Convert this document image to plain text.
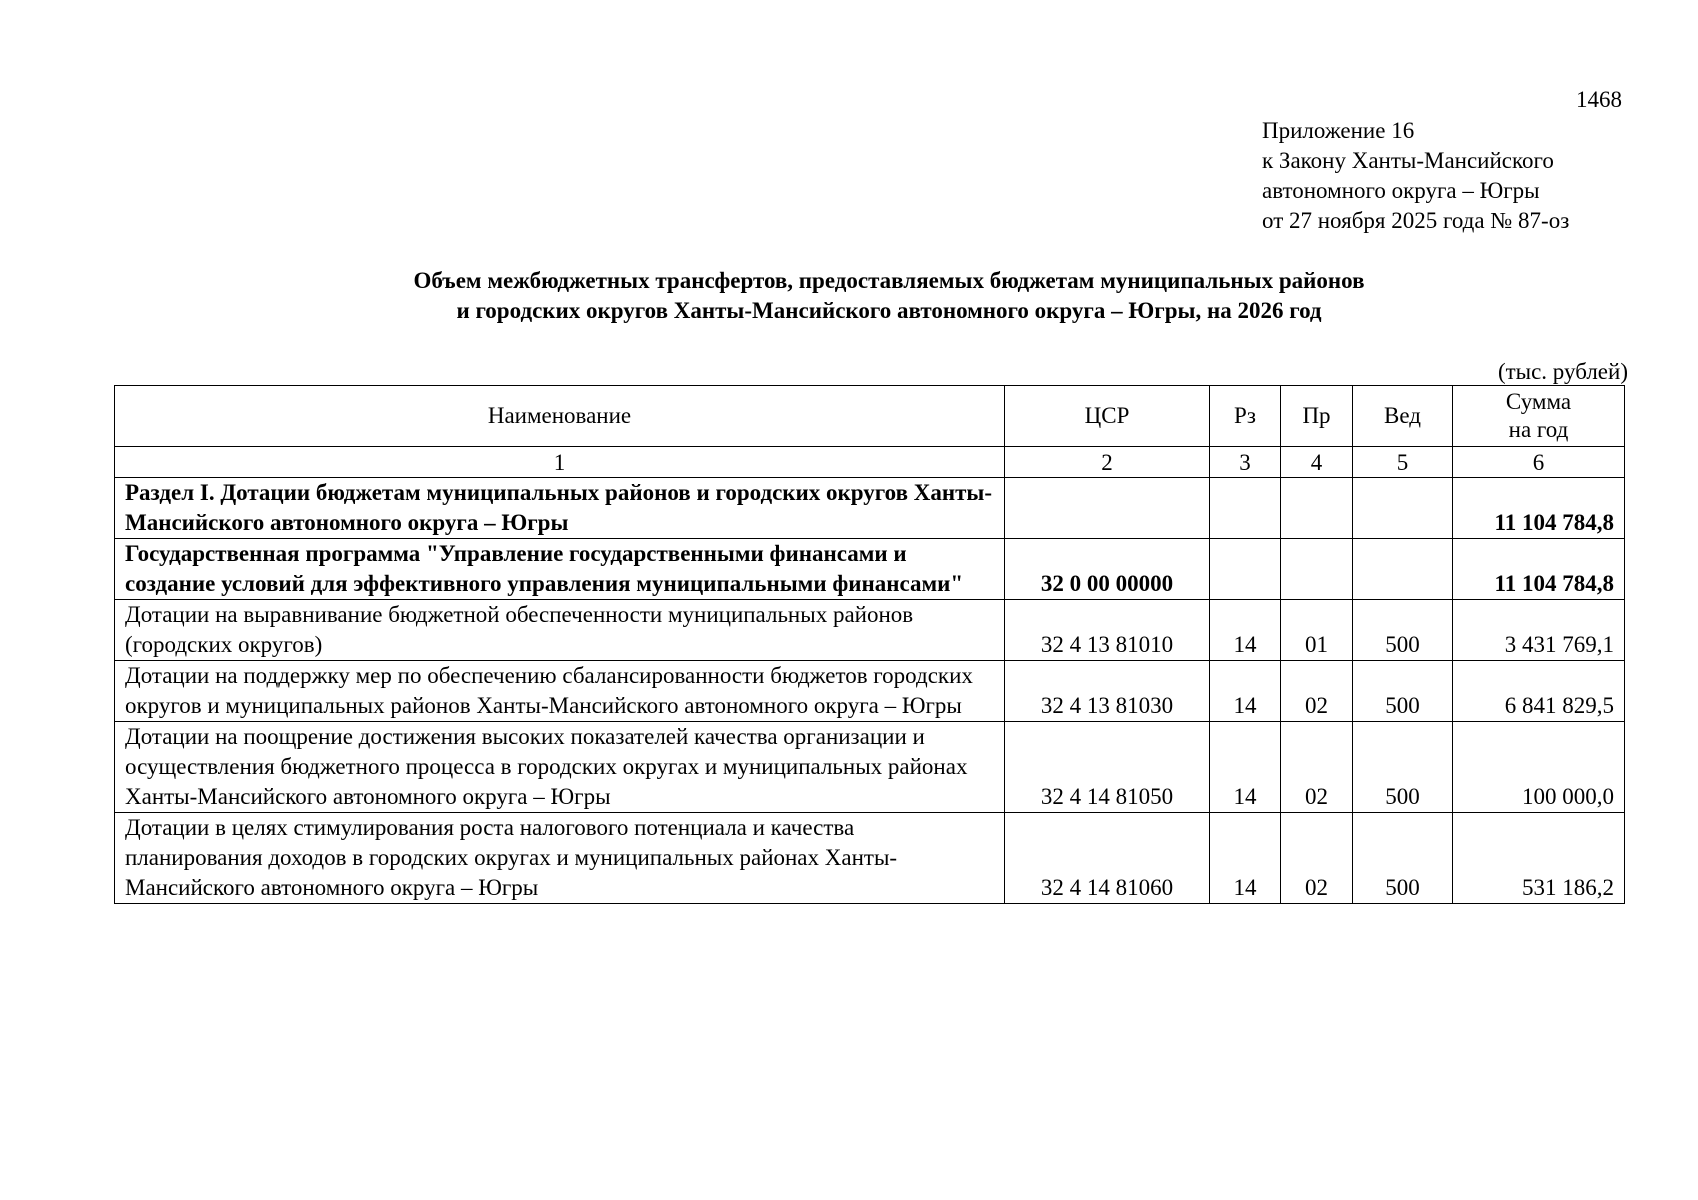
1468
Приложение 16
к Закону Ханты-Мансийского
автономного округа – Югры
от 27 ноября 2025 года № 87-оз
Объем межбюджетных трансфертов, предоставляемых бюджетам муниципальных районов
и городских округов Ханты-Мансийского автономного округа – Югры, на 2026 год
(тыс. рублей)
Наименование	ЦСР	Рз	Пр	Вед	Сумма
на год

1	2	3	4	5	6
Раздел I. Дотации бюджетам муниципальных районов и городских округов Ханты-Мансийского автономного округа – Югры					11 104 784,8
Государственная программа "Управление государственными финансами и создание условий для эффективного управления муниципальными финансами"	32 0 00 00000				11 104 784,8
Дотации на выравнивание бюджетной обеспеченности муниципальных районов (городских округов)	32 4 13 81010	14	01	500	3 431 769,1
Дотации на поддержку мер по обеспечению сбалансированности бюджетов городских округов и муниципальных районов Ханты-Мансийского автономного округа – Югры	32 4 13 81030	14	02	500	6 841 829,5
Дотации на поощрение достижения высоких показателей качества организации и осуществления бюджетного процесса в городских округах и муниципальных районах Ханты-Мансийского автономного округа – Югры	32 4 14 81050	14	02	500	100 000,0
Дотации в целях стимулирования роста налогового потенциала и качества планирования доходов в городских округах и муниципальных районах Ханты-Мансийского автономного округа – Югры	32 4 14 81060	14	02	500	531 186,2
